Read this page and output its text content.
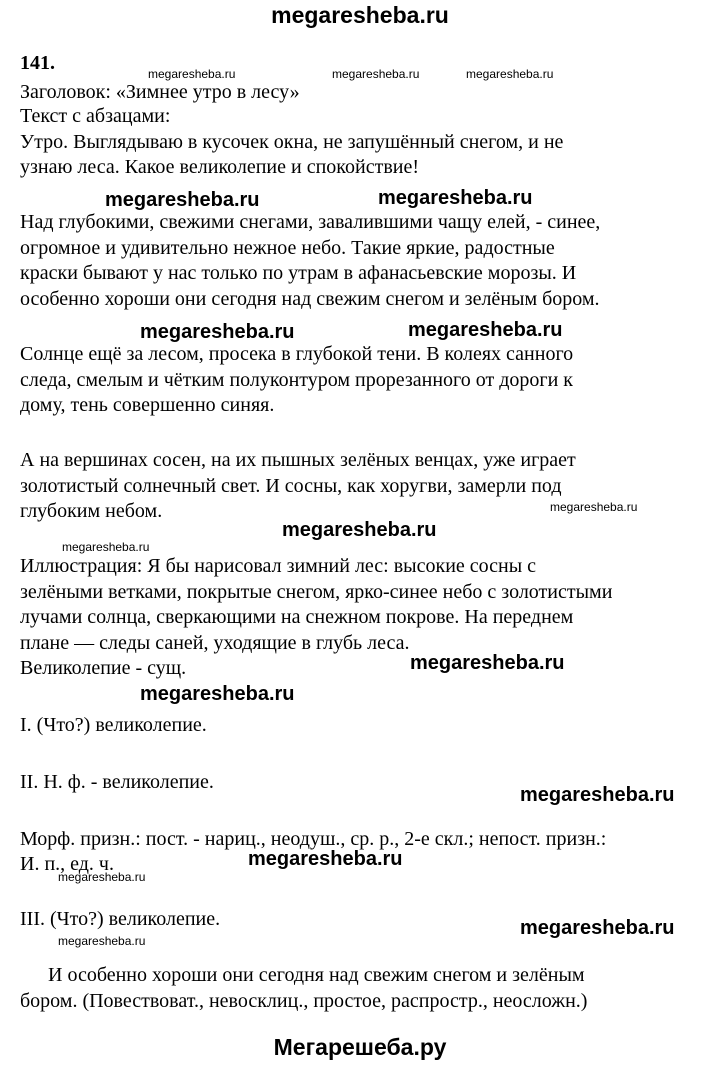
megaresheba.ru
141.
Заголовок: «Зимнее утро в лесу»
Текст с абзацами:
Утро. Выглядываю в кусочек окна, не запушённый снегом, и не
узнаю леса. Какое великолепие и спокойствие!
Над глубокими, свежими снегами, завалившими чащу елей, - синее,
огромное и удивительно нежное небо. Такие яркие, радостные
краски бывают у нас только по утрам в афанасьевские морозы. И
особенно хороши они сегодня над свежим снегом и зелёным бором.
Солнце ещё за лесом, просека в глубокой тени. В колеях санного
следа, смелым и чётким полуконтуром прорезанного от дороги к
дому, тень совершенно синяя.
А на вершинах сосен, на их пышных зелёных венцах, уже играет
золотистый солнечный свет. И сосны, как хоругви, замерли под
глубоким небом.
Иллюстрация: Я бы нарисовал зимний лес: высокие сосны с
зелёными ветками, покрытые снегом, ярко-синее небо с золотистыми
лучами солнца, сверкающими на снежном покрове. На переднем
плане — следы саней, уходящие в глубь леса.
Великолепие - сущ.
I. (Что?) великолепие.
II. Н. ф. - великолепие.
Морф. призн.: пост. - нариц., неодуш., ср. р., 2-е скл.; непост. призн.:
И. п., ед. ч.
III. (Что?) великолепие.
И особенно хороши они сегодня над свежим снегом и зелёным
бором. (Повествоват., невосклиц., простое, распростр., неосложн.)
megaresheba.ru	megaresheba.ru	megaresheba.ru
megaresheba.ru
megaresheba.ru
megaresheba.ru
megaresheba.ru
megaresheba.ru	megaresheba.ru
megaresheba.ru	megaresheba.ru
megaresheba.ru
megaresheba.ru
megaresheba.ru
megaresheba.ru
megaresheba.ru
megaresheba.ru
Мегарешеба.ру
